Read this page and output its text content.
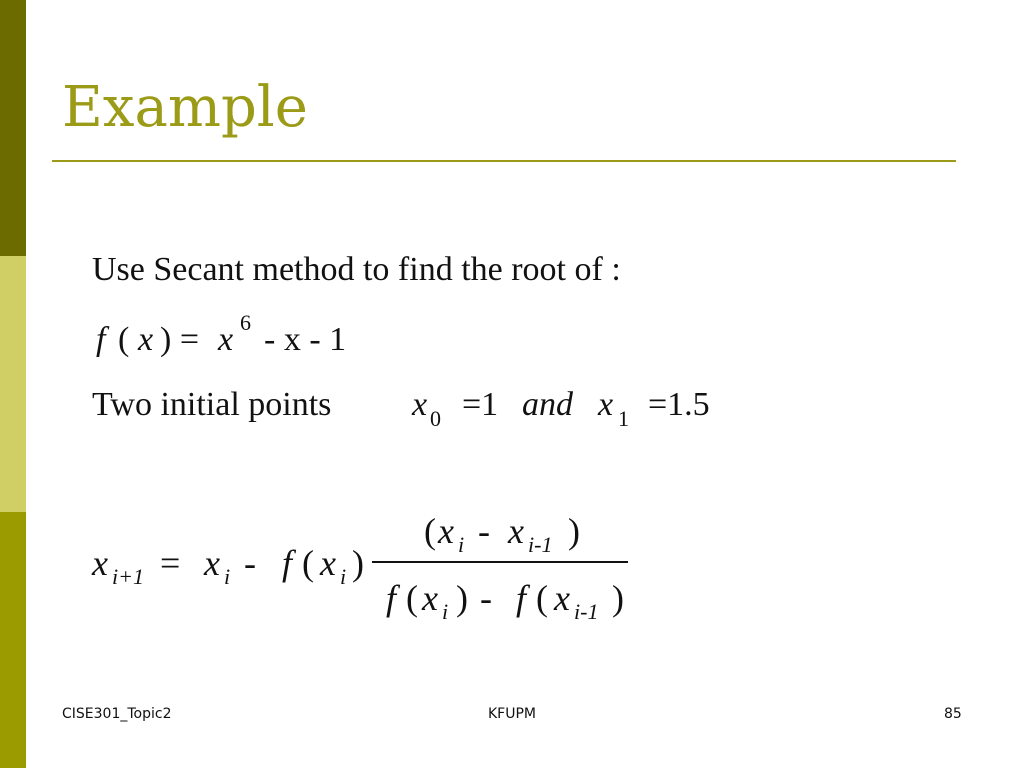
Example
Use Secant method to find the root of :
f ( x ) = x 6 - x - 1
Two initial points x 0 =1 and x 1 =1.5
x i+1 = x i - f ( x i )
( x i - x i-1 )
f ( x i ) - f ( x i-1 )
CISE301_Topic2	KFUPM	85
